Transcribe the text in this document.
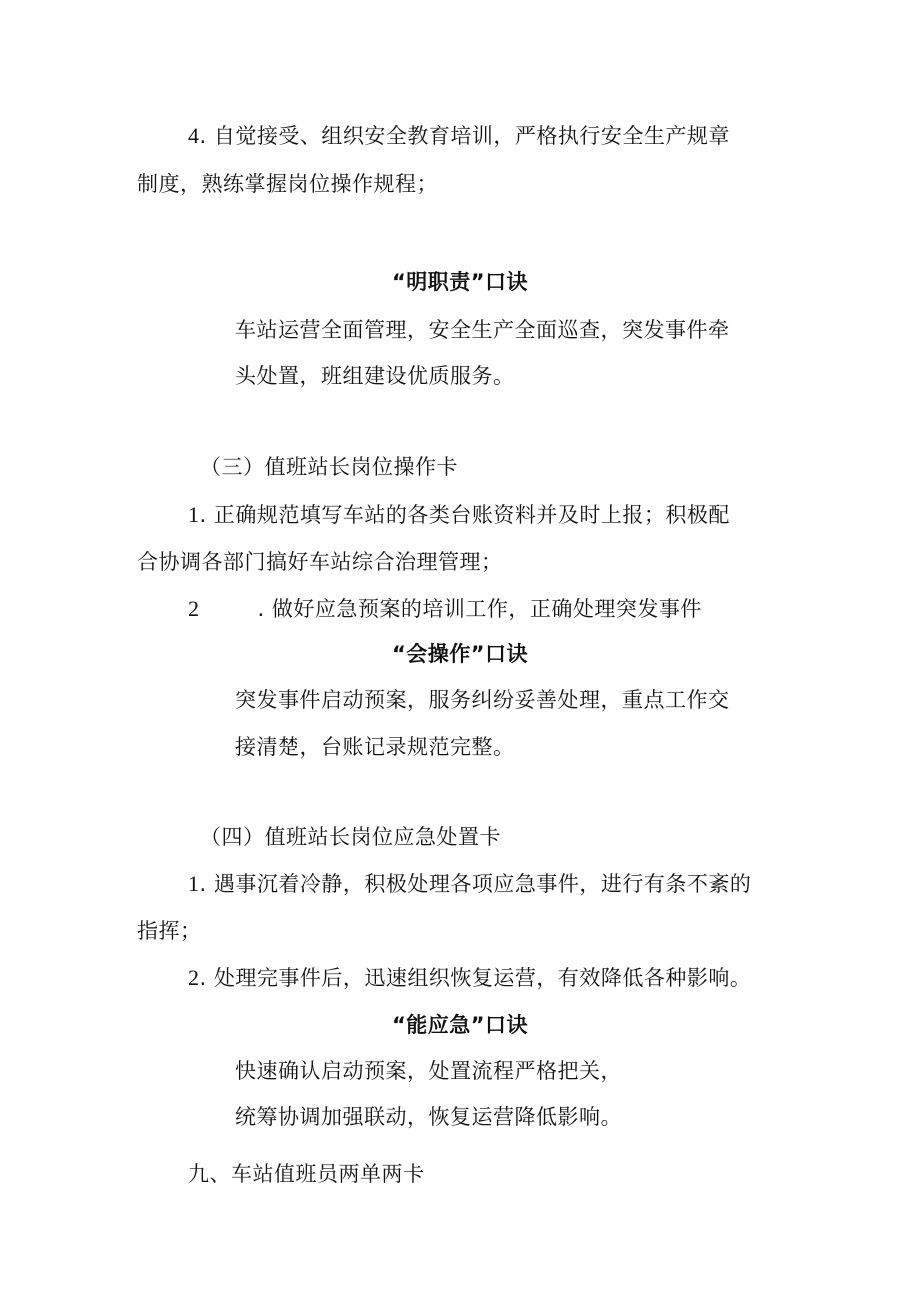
4. 自觉接受、组织安全教育培训，严格执行安全生产规章
制度，熟练掌握岗位操作规程；
“明职责”口诀
车站运营全面管理，安全生产全面巡查，突发事件牵
头处置，班组建设优质服务。
（三）值班站长岗位操作卡
1. 正确规范填写车站的各类台账资料并及时上报；积极配
合协调各部门搞好车站综合治理管理；
2	. 做好应急预案的培训工作，正确处理突发事件
“会操作”口诀
突发事件启动预案，服务纠纷妥善处理，重点工作交
接清楚，台账记录规范完整。
（四）值班站长岗位应急处置卡
1. 遇事沉着冷静，积极处理各项应急事件，进行有条不紊的
指挥；
2. 处理完事件后，迅速组织恢复运营，有效降低各种影响。
“能应急”口诀
快速确认启动预案，处置流程严格把关，
统筹协调加强联动，恢复运营降低影响。
九、车站值班员两单两卡
